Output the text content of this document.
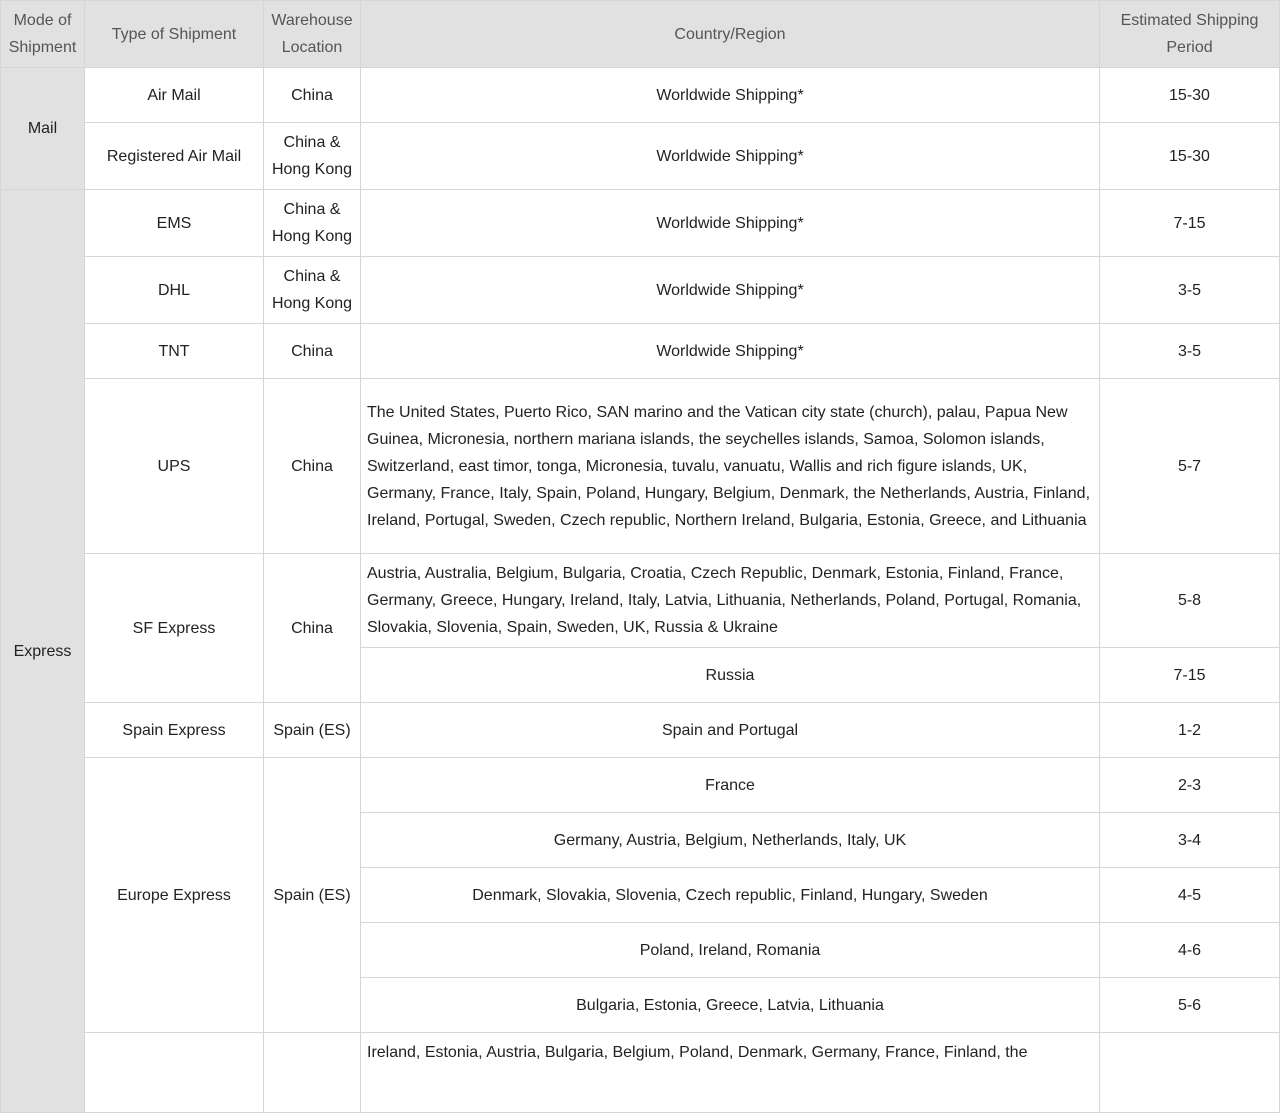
Mode of Shipment	Type of Shipment	Warehouse Location	Country/Region	Estimated Shipping Period
Mail	Air Mail	China	Worldwide Shipping*	15-30
	Registered Air Mail	China & Hong Kong	Worldwide Shipping*	15-30
Express	EMS	China & Hong Kong	Worldwide Shipping*	7-15
	DHL	China & Hong Kong	Worldwide Shipping*	3-5
	TNT	China	Worldwide Shipping*	3-5
	UPS	China	The United States, Puerto Rico, SAN marino and the Vatican city state (church), palau, Papua New Guinea, Micronesia, northern mariana islands, the seychelles islands, Samoa, Solomon islands, Switzerland, east timor, tonga, Micronesia, tuvalu, vanuatu, Wallis and rich figure islands, UK, Germany, France, Italy, Spain, Poland, Hungary, Belgium, Denmark, the Netherlands, Austria, Finland, Ireland, Portugal, Sweden, Czech republic, Northern Ireland, Bulgaria, Estonia, Greece, and Lithuania	5-7
	SF Express	China	Austria, Australia, Belgium, Bulgaria, Croatia, Czech Republic, Denmark, Estonia, Finland, France, Germany, Greece, Hungary, Ireland, Italy, Latvia, Lithuania, Netherlands, Poland, Portugal, Romania, Slovakia, Slovenia, Spain, Sweden, UK, Russia & Ukraine	5-8
			Russia	7-15
	Spain Express	Spain (ES)	Spain and Portugal	1-2
	Europe Express	Spain (ES)	France	2-3
			Germany, Austria, Belgium, Netherlands, Italy, UK	3-4
			Denmark, Slovakia, Slovenia, Czech republic, Finland, Hungary, Sweden	4-5
			Poland, Ireland, Romania	4-6
			Bulgaria, Estonia, Greece, Latvia, Lithuania	5-6
			Ireland, Estonia, Austria, Bulgaria, Belgium, Poland, Denmark, Germany, France, Finland, the	
